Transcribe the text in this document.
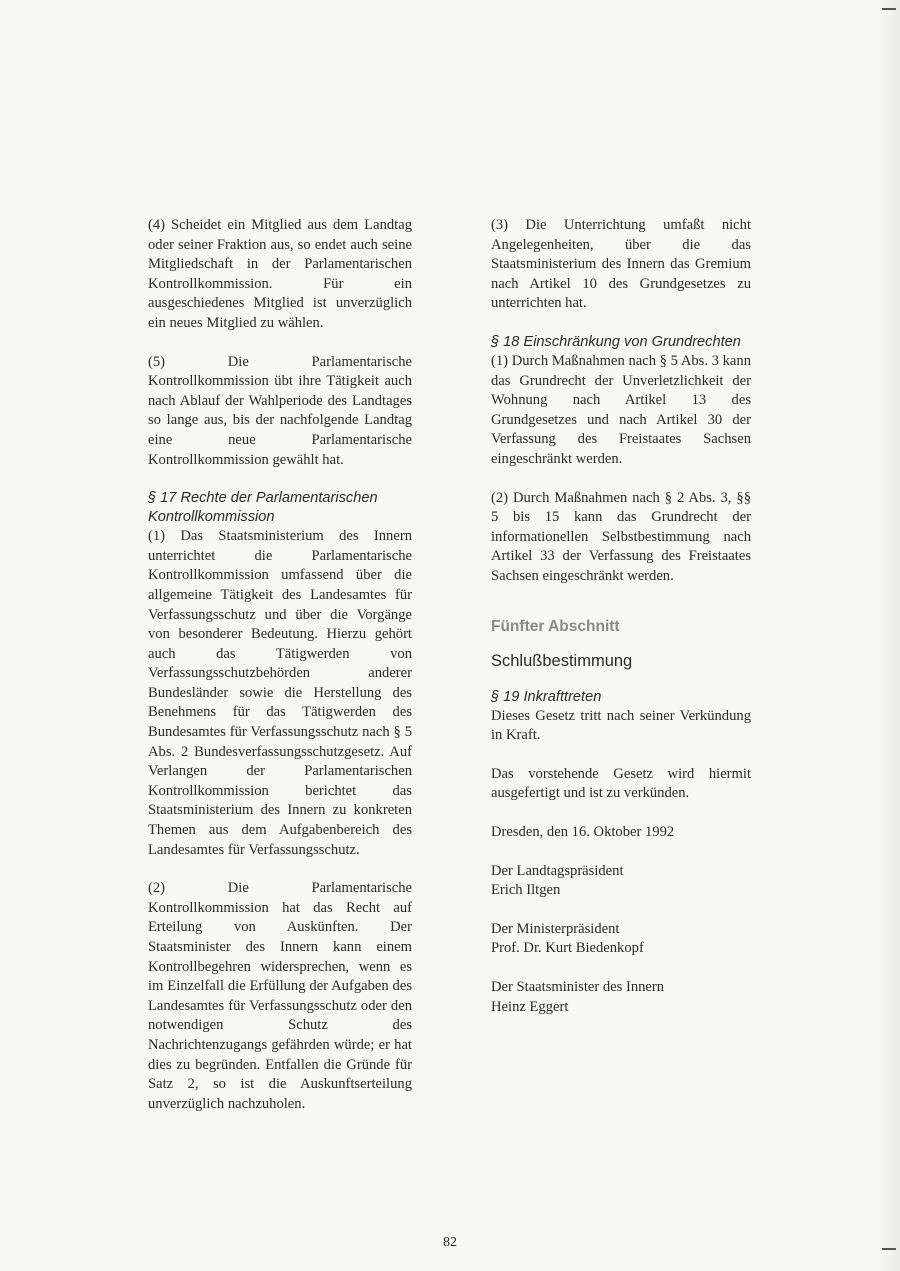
(4) Scheidet ein Mitglied aus dem Landtag oder seiner Fraktion aus, so endet auch seine Mitgliedschaft in der Parlamentarischen Kontrollkommission. Für ein ausgeschiedenes Mitglied ist unverzüglich ein neues Mitglied zu wählen.

(5) Die Parlamentarische Kontrollkommission übt ihre Tätigkeit auch nach Ablauf der Wahlperiode des Landtages so lange aus, bis der nachfolgende Landtag eine neue Parlamentarische Kontrollkommission gewählt hat.

§ 17 Rechte der Parlamentarischen Kontrollkommission

(1) Das Staatsministerium des Innern unterrichtet die Parlamentarische Kontrollkommission umfassend über die allgemeine Tätigkeit des Landesamtes für Verfassungsschutz und über die Vorgänge von besonderer Bedeutung. Hierzu gehört auch das Tätigwerden von Verfassungsschutzbehörden anderer Bundesländer sowie die Herstellung des Benehmens für das Tätigwerden des Bundesamtes für Verfassungsschutz nach § 5 Abs. 2 Bundesverfassungsschutzgesetz. Auf Verlangen der Parlamentarischen Kontrollkommission berichtet das Staatsministerium des Innern zu konkreten Themen aus dem Aufgabenbereich des Landesamtes für Verfassungsschutz.

(2) Die Parlamentarische Kontrollkommission hat das Recht auf Erteilung von Auskünften. Der Staatsminister des Innern kann einem Kontrollbegehren widersprechen, wenn es im Einzelfall die Erfüllung der Aufgaben des Landesamtes für Verfassungsschutz oder den notwendigen Schutz des Nachrichtenzugangs gefährden würde; er hat dies zu begründen. Entfallen die Gründe für Satz 2, so ist die Auskunftserteilung unverzüglich nachzuholen.

(3) Die Unterrichtung umfaßt nicht Angelegenheiten, über die das Staatsministerium des Innern das Gremium nach Artikel 10 des Grundgesetzes zu unterrichten hat.

§ 18 Einschränkung von Grundrechten

(1) Durch Maßnahmen nach § 5 Abs. 3 kann das Grundrecht der Unverletzlichkeit der Wohnung nach Artikel 13 des Grundgesetzes und nach Artikel 30 der Verfassung des Freistaates Sachsen eingeschränkt werden.

(2) Durch Maßnahmen nach § 2 Abs. 3, §§ 5 bis 15 kann das Grundrecht der informationellen Selbstbestimmung nach Artikel 33 der Verfassung des Freistaates Sachsen eingeschränkt werden.

Fünfter Abschnitt
Schlußbestimmung
§ 19 Inkrafttreten

Dieses Gesetz tritt nach seiner Verkündung in Kraft.

Das vorstehende Gesetz wird hiermit ausgefertigt und ist zu verkünden.

Dresden, den 16. Oktober 1992

Der Landtagspräsident
Erich Iltgen

Der Ministerpräsident
Prof. Dr. Kurt Biedenkopf

Der Staatsminister des Innern
Heinz Eggert

82
